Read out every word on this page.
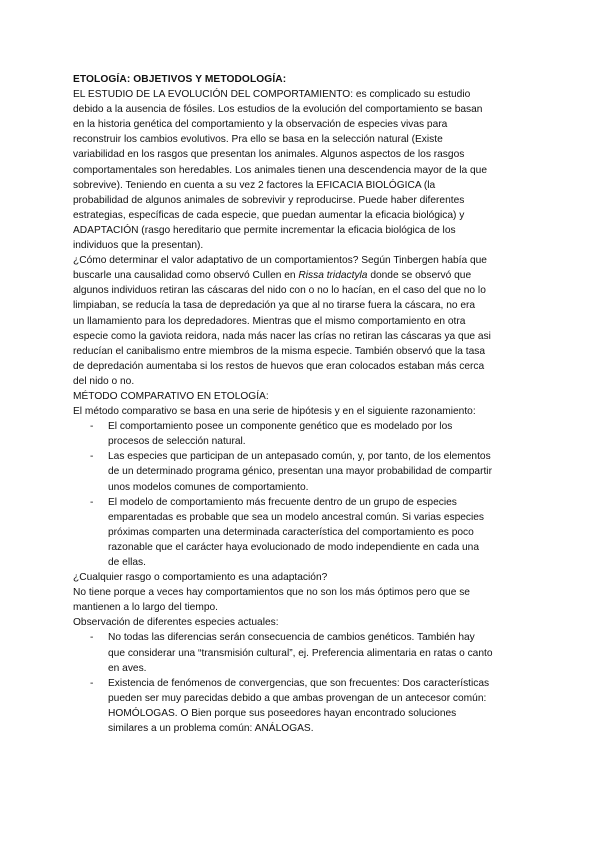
ETOLOGÍA: OBJETIVOS Y METODOLOGÍA:
EL ESTUDIO DE LA EVOLUCIÓN DEL COMPORTAMIENTO: es complicado su estudio
debido a la ausencia de fósiles. Los estudios de la evolución del comportamiento se basan
en la historia genética del comportamiento y la observación de especies vivas para
reconstruir los cambios evolutivos. Pra ello se basa en la selección natural (Existe
variabilidad en los rasgos que presentan los animales. Algunos aspectos de los rasgos
comportamentales son heredables. Los animales tienen una descendencia mayor de la que
sobrevive). Teniendo en cuenta a su vez 2 factores la EFICACIA BIOLÓGICA (la
probabilidad de algunos animales de sobrevivir y reproducirse. Puede haber diferentes
estrategias, específicas de cada especie, que puedan aumentar la eficacia biológica) y
ADAPTACIÓN (rasgo hereditario que permite incrementar la eficacia biológica de los
individuos que la presentan).
¿Cómo determinar el valor adaptativo de un comportamientos? Según Tinbergen había que
buscarle una causalidad como observó Cullen en Rissa tridactyla donde se observó que
algunos individuos retiran las cáscaras del nido con o no lo hacían, en el caso del que no lo
limpiaban, se reducía la tasa de depredación ya que al no tirarse fuera la cáscara, no era
un llamamiento para los depredadores. Mientras que el mismo comportamiento en otra
especie como la gaviota reidora, nada más nacer las crías no retiran las cáscaras ya que asi
reducían el canibalismo entre miembros de la misma especie. También observó que la tasa
de depredación aumentaba si los restos de huevos que eran colocados estaban más cerca
del nido o no.
MÉTODO COMPARATIVO EN ETOLOGÍA:
El método comparativo se basa en una serie de hipótesis y en el siguiente razonamiento:
- El comportamiento posee un componente genético que es modelado por los
procesos de selección natural.
- Las especies que participan de un antepasado común, y, por tanto, de los elementos
de un determinado programa génico, presentan una mayor probabilidad de compartir
unos modelos comunes de comportamiento.
- El modelo de comportamiento más frecuente dentro de un grupo de especies
emparentadas es probable que sea un modelo ancestral común. Si varias especies
próximas comparten una determinada característica del comportamiento es poco
razonable que el carácter haya evolucionado de modo independiente en cada una
de ellas.
¿Cualquier rasgo o comportamiento es una adaptación?
No tiene porque a veces hay comportamientos que no son los más óptimos pero que se
mantienen a lo largo del tiempo.
Observación de diferentes especies actuales:
- No todas las diferencias serán consecuencia de cambios genéticos. También hay
que considerar una “transmisión cultural”, ej. Preferencia alimentaria en ratas o canto
en aves.
- Existencia de fenómenos de convergencias, que son frecuentes: Dos características
pueden ser muy parecidas debido a que ambas provengan de un antecesor común:
HOMÓLOGAS. O Bien porque sus poseedores hayan encontrado soluciones
similares a un problema común: ANÁLOGAS.
